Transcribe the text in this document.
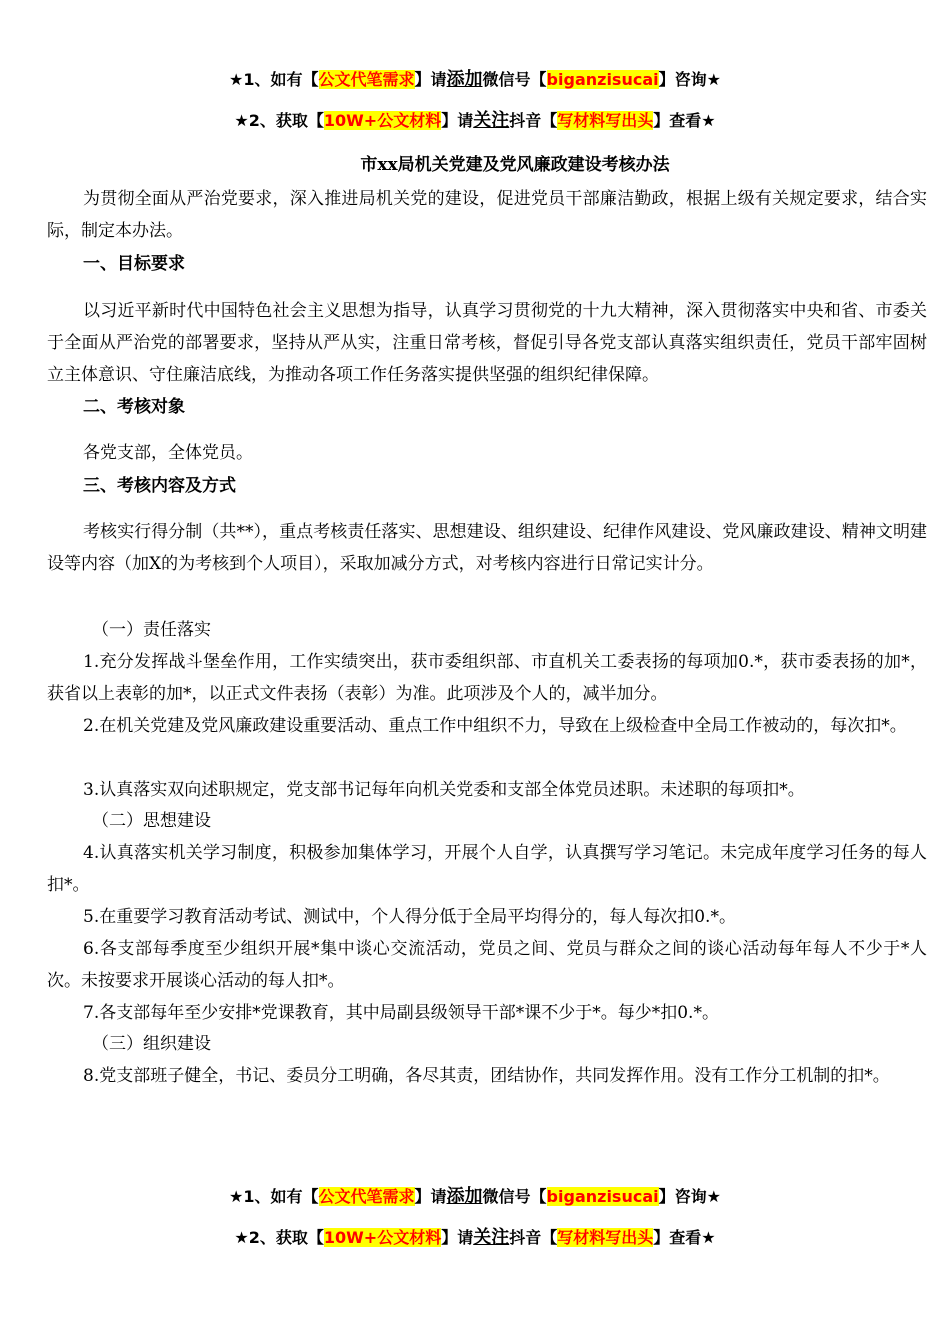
★1、如有【公文代笔需求】请添加微信号【biganzisucai】咨询★
★2、获取【10W+公文材料】请关注抖音【写材料写出头】查看★
市xx局机关党建及党风廉政建设考核办法

为贯彻全面从严治党要求，深入推进局机关党的建设，促进党员干部廉洁勤政，根据上级有关规定要求，结合实际，制定本办法。

一、目标要求

以习近平新时代中国特色社会主义思想为指导，认真学习贯彻党的十九大精神，深入贯彻落实中央和省、市委关于全面从严治党的部署要求，坚持从严从实，注重日常考核，督促引导各党支部认真落实组织责任，党员干部牢固树立主体意识、守住廉洁底线，为推动各项工作任务落实提供坚强的组织纪律保障。

二、考核对象

各党支部，全体党员。

三、考核内容及方式

考核实行得分制（共**），重点考核责任落实、思想建设、组织建设、纪律作风建设、党风廉政建设、精神文明建设等内容（加X的为考核到个人项目），采取加减分方式，对考核内容进行日常记实计分。

（一）责任落实

1.充分发挥战斗堡垒作用，工作实绩突出，获市委组织部、市直机关工委表扬的每项加0.*，获市委表扬的加*，获省以上表彰的加*，以正式文件表扬（表彰）为准。此项涉及个人的，减半加分。

2.在机关党建及党风廉政建设重要活动、重点工作中组织不力，导致在上级检查中全局工作被动的，每次扣*。

3.认真落实双向述职规定，党支部书记每年向机关党委和支部全体党员述职。未述职的每项扣*。

（二）思想建设

4.认真落实机关学习制度，积极参加集体学习，开展个人自学，认真撰写学习笔记。未完成年度学习任务的每人扣*。

5.在重要学习教育活动考试、测试中，个人得分低于全局平均得分的，每人每次扣0.*。

6.各支部每季度至少组织开展*集中谈心交流活动，党员之间、党员与群众之间的谈心活动每年每人不少于*人次。未按要求开展谈心活动的每人扣*。

7.各支部每年至少安排*党课教育，其中局副县级领导干部*课不少于*。每少*扣0.*。

（三）组织建设

8.党支部班子健全，书记、委员分工明确，各尽其责，团结协作，共同发挥作用。没有工作分工机制的扣*。

★1、如有【公文代笔需求】请添加微信号【biganzisucai】咨询★
★2、获取【10W+公文材料】请关注抖音【写材料写出头】查看★
